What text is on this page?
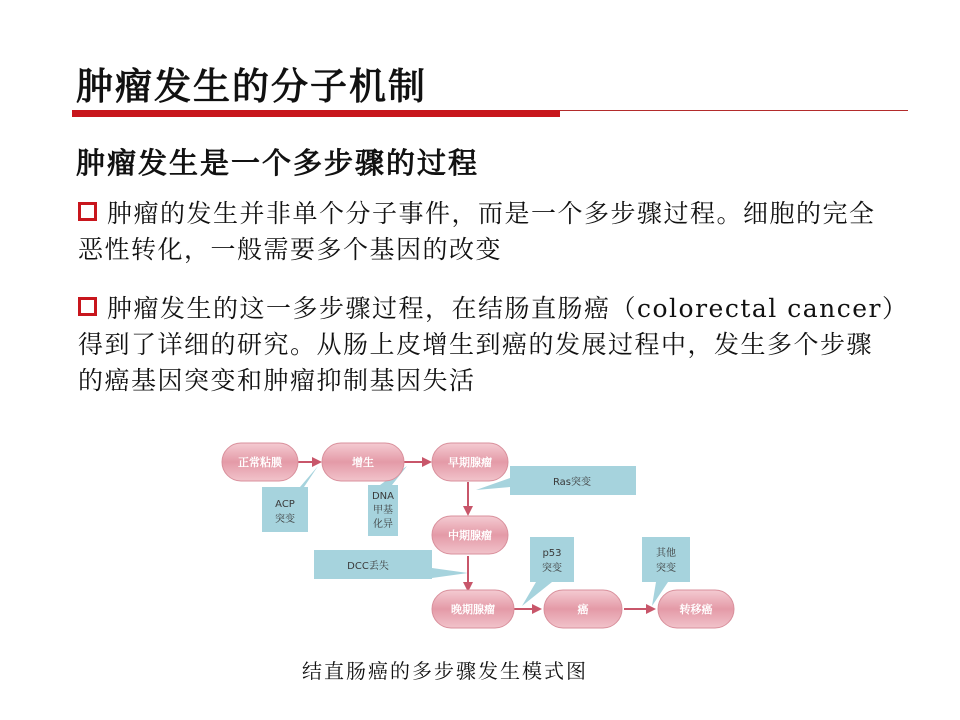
肿瘤发生的分子机制
肿瘤发生是一个多步骤的过程
肿瘤的发生并非单个分子事件，而是一个多步骤过程。细胞的完全恶性转化，一般需要多个基因的改变
肿瘤发生的这一多步骤过程，在结肠直肠癌（colorectal cancer）得到了详细的研究。从肠上皮增生到癌的发展过程中，发生多个步骤的癌基因突变和肿瘤抑制基因失活
ACP
突变
DNA
甲基
化异
Ras突变
DCC丢失
p53
突变
其他
突变
正常粘膜	增生	早期腺瘤
中期腺瘤
晚期腺瘤	癌	转移癌
结直肠癌的多步骤发生模式图
